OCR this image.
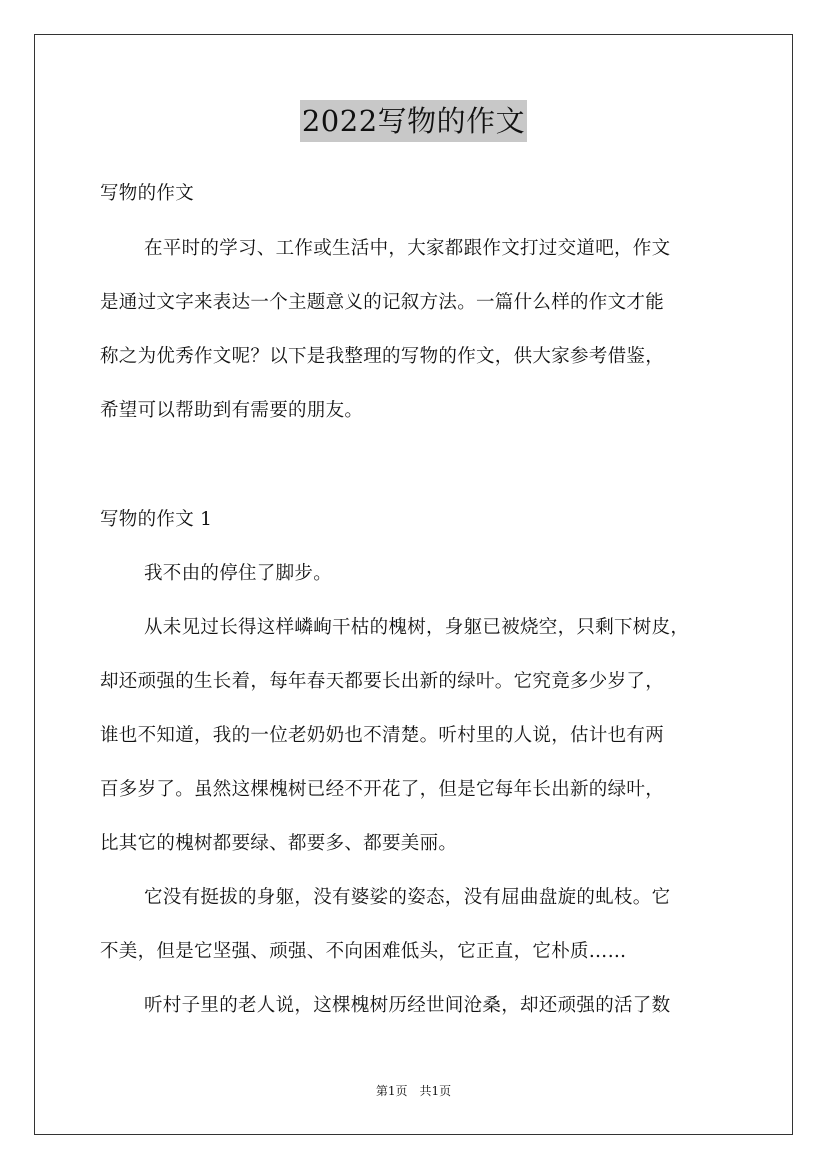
2022写物的作文
写物的作文
在平时的学习、工作或生活中，大家都跟作文打过交道吧，作文
是通过文字来表达一个主题意义的记叙方法。一篇什么样的作文才能
称之为优秀作文呢？以下是我整理的写物的作文，供大家参考借鉴，
希望可以帮助到有需要的朋友。
写物的作文 1
我不由的停住了脚步。
从未见过长得这样嶙峋干枯的槐树，身躯已被烧空，只剩下树皮，
却还顽强的生长着，每年春天都要长出新的绿叶。它究竟多少岁了，
谁也不知道，我的一位老奶奶也不清楚。听村里的人说，估计也有两
百多岁了。虽然这棵槐树已经不开花了，但是它每年长出新的绿叶，
比其它的槐树都要绿、都要多、都要美丽。
它没有挺拔的身躯，没有婆娑的姿态，没有屈曲盘旋的虬枝。它
不美，但是它坚强、顽强、不向困难低头，它正直，它朴质……
听村子里的老人说，这棵槐树历经世间沧桑，却还顽强的活了数
第1页　共1页
